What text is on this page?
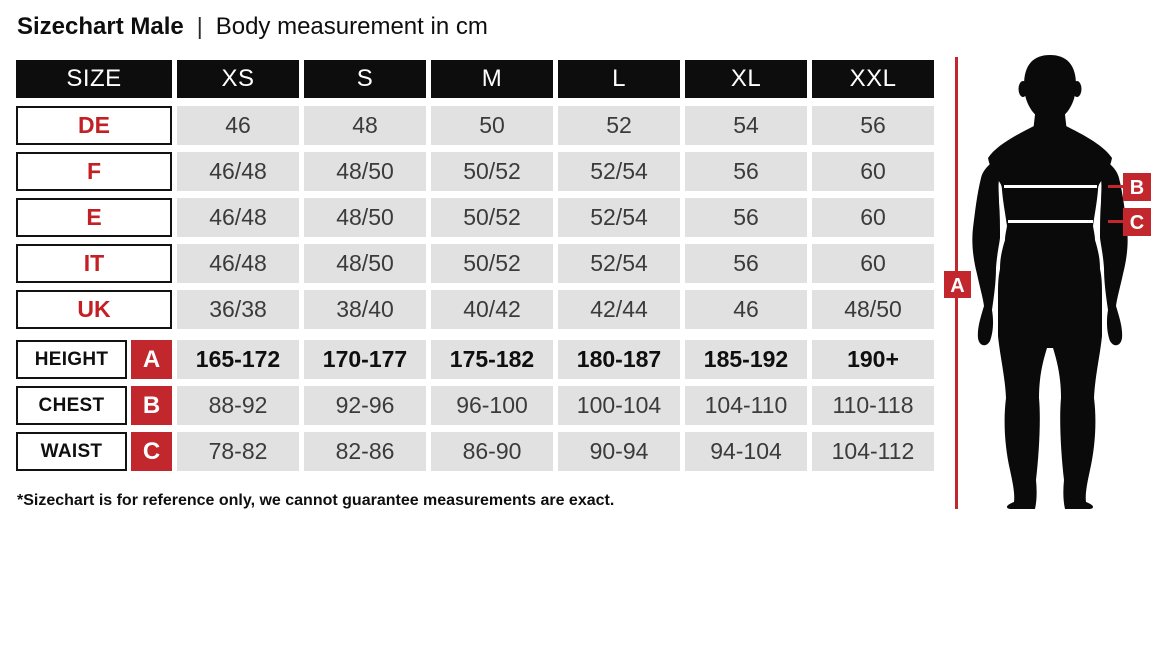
Sizechart Male | Body measurement in cm
SIZE	XS	S	M	L	XL	XXL
DE	46	48	50	52	54	56
F	46/48	48/50	50/52	52/54	56	60
E	46/48	48/50	50/52	52/54	56	60
IT	46/48	48/50	50/52	52/54	56	60
UK	36/38	38/40	40/42	42/44	46	48/50
HEIGHT	A	165-172	170-177	175-182	180-187	185-192	190+
CHEST	B	88-92	92-96	96-100	100-104	104-110	110-118
WAIST	C	78-82	82-86	86-90	90-94	94-104	104-112

*Sizechart is for reference only, we cannot guarantee measurements are exact.

A
B
C
